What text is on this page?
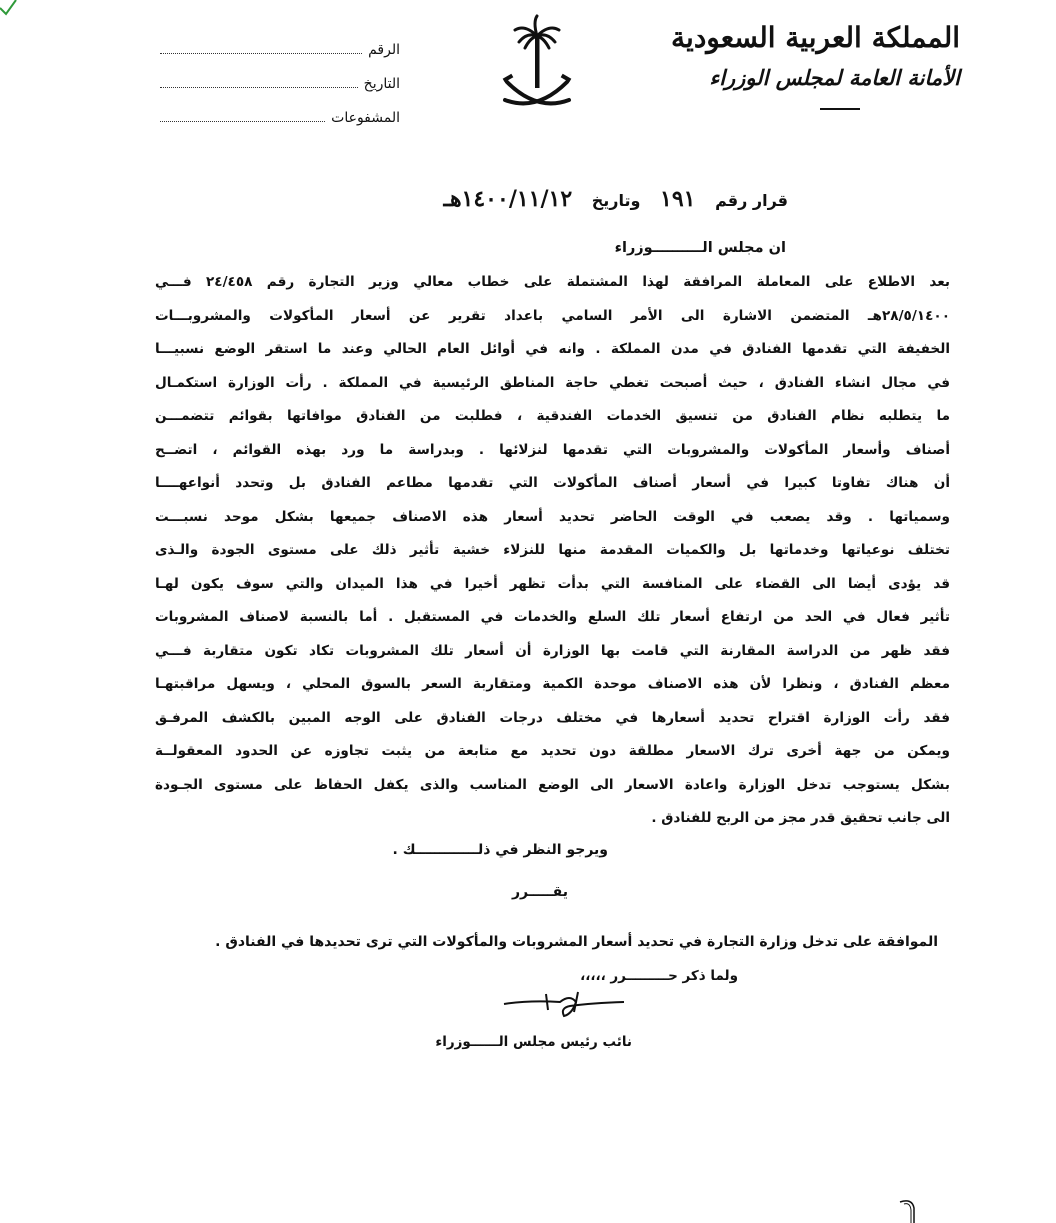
المملكة العربية السعودية
الأمانة العامة لمجلس الوزراء
الرقم
التاريخ
المشفوعات
قرار رقم ١٩١ وتاريخ ١٤٠٠/١١/١٢هـ
ان مجلس الــــــــــوزراء
بعد الاطلاع على المعاملة المرافقة لهذا المشتملة على خطاب معالي وزير التجارة رقم ٢٤/٤٥٨ فـــي
٢٨/٥/١٤٠٠هـ المتضمن الاشارة الى الأمر السامي باعداد تقرير عن أسعار المأكولات والمشروبـــات
الخفيفة التي تقدمها الفنادق في مدن المملكة . وانه في أوائل العام الحالي وعند ما استقر الوضع نسبيـــا
في مجال انشاء الفنادق ، حيث أصبحت تغطي حاجة المناطق الرئيسية في المملكة . رأت الوزارة استكمـال
ما يتطلبه نظام الفنادق من تنسيق الخدمات الفندقية ، فطلبت من الفنادق موافاتها بقوائم تتضمـــن
أصناف وأسعار المأكولات والمشروبات التي تقدمها لنزلائها . وبدراسة ما ورد بهذه القوائم ، اتضــح
أن هناك تفاوتا كبيرا في أسعار أصناف المأكولات التي تقدمها مطاعم الفنادق بل وتحدد أنواعهــــا
وسمياتها . وقد يصعب في الوقت الحاضر تحديد أسعار هذه الاصناف جميعها بشكل موحد نسبـــت
تختلف نوعياتها وخدماتها بل والكميات المقدمة منها للنزلاء خشية تأثير ذلك على مستوى الجودة والـذى
قد يؤدى أيضا الى القضاء على المنافسة التي بدأت تظهر أخيرا في هذا الميدان والتي سوف يكون لهـا
تأثير فعال في الحد من ارتفاع أسعار تلك السلع والخدمات في المستقبل . أما بالنسبة لاصناف المشروبات
فقد ظهر من الدراسة المقارنة التي قامت بها الوزارة أن أسعار تلك المشروبات تكاد تكون متقاربة فـــي
معظم الفنادق ، ونظرا لأن هذه الاصناف موحدة الكمية ومتقاربة السعر بالسوق المحلي ، ويسهل مراقبتهـا
فقد رأت الوزارة اقتراح تحديد أسعارها في مختلف درجات الفنادق على الوجه المبين بالكشف المرفـق
ويمكن من جهة أخرى ترك الاسعار مطلقة دون تحديد مع متابعة من يثبت تجاوزه عن الحدود المعقولــة
بشكل يستوجب تدخل الوزارة واعادة الاسعار الى الوضع المناسب والذى يكفل الحفاظ على مستوى الجـودة
الى جانب تحقيق قدر مجز من الربح للفنادق .
ويرجو النظر في ذلـــــــــــــك .
يقـــــرر
الموافقة على تدخل وزارة التجارة في تحديد أسعار المشروبات والمأكولات التي ترى تحديدها في الفنادق .
ولما ذكر حـــــــــرر ،،،،،
نائب رئيس مجلس الــــــوزراء
